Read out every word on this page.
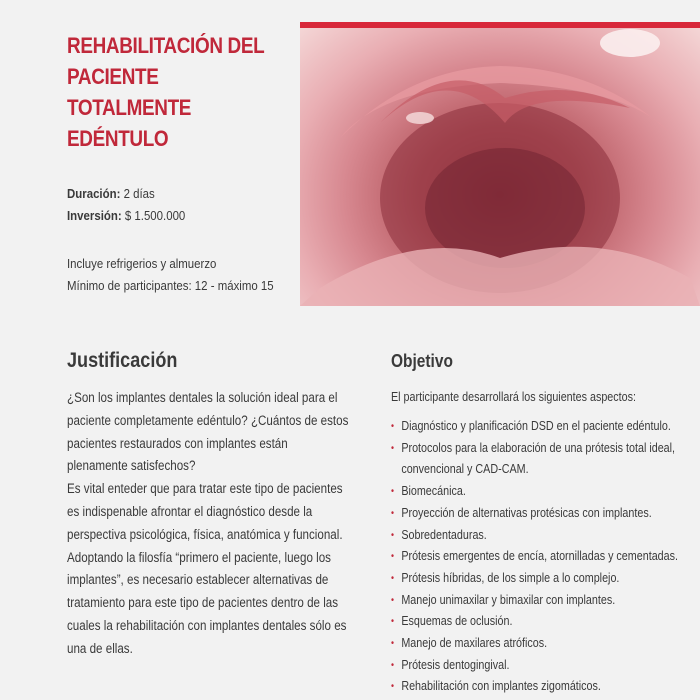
REHABILITACIÓN DEL
PACIENTE TOTALMENTE
EDÉNTULO
Duración: 2 días
Inversión: $ 1.500.000
Incluye refrigerios y almuerzo
Mínimo de participantes: 12 - máximo 15
Justificación

¿Son los implantes dentales la solución ideal para el paciente completamente edéntulo? ¿Cuántos de estos pacientes restaurados con implantes están plenamente satisfechos?

Es vital enteder que para tratar este tipo de pacientes es indispenable afrontar el diagnóstico desde la perspectiva psicológica, física, anatómica y funcional.

Adoptando la filosfía “primero el paciente, luego los implantes”, es necesario establecer alternativas de tratamiento para este tipo de pacientes dentro de las cuales la rehabilitación con implantes dentales sólo es una de ellas.

Objetivo
El participante desarrollará los siguientes aspectos:
• Diagnóstico y planificación DSD en el paciente edéntulo.
• Protocolos para la elaboración de una prótesis total ideal,
convencional y CAD-CAM.
• Biomecánica.
• Proyección de alternativas protésicas con implantes.
• Sobredentaduras.
• Prótesis emergentes de encía, atornilladas y cementadas.
• Prótesis híbridas, de los simple a lo complejo.
• Manejo unimaxilar y bimaxilar con implantes.
• Esquemas de oclusión.
• Manejo de maxilares atróficos.
• Prótesis dentogingival.
• Rehabilitación con implantes zigomáticos.
